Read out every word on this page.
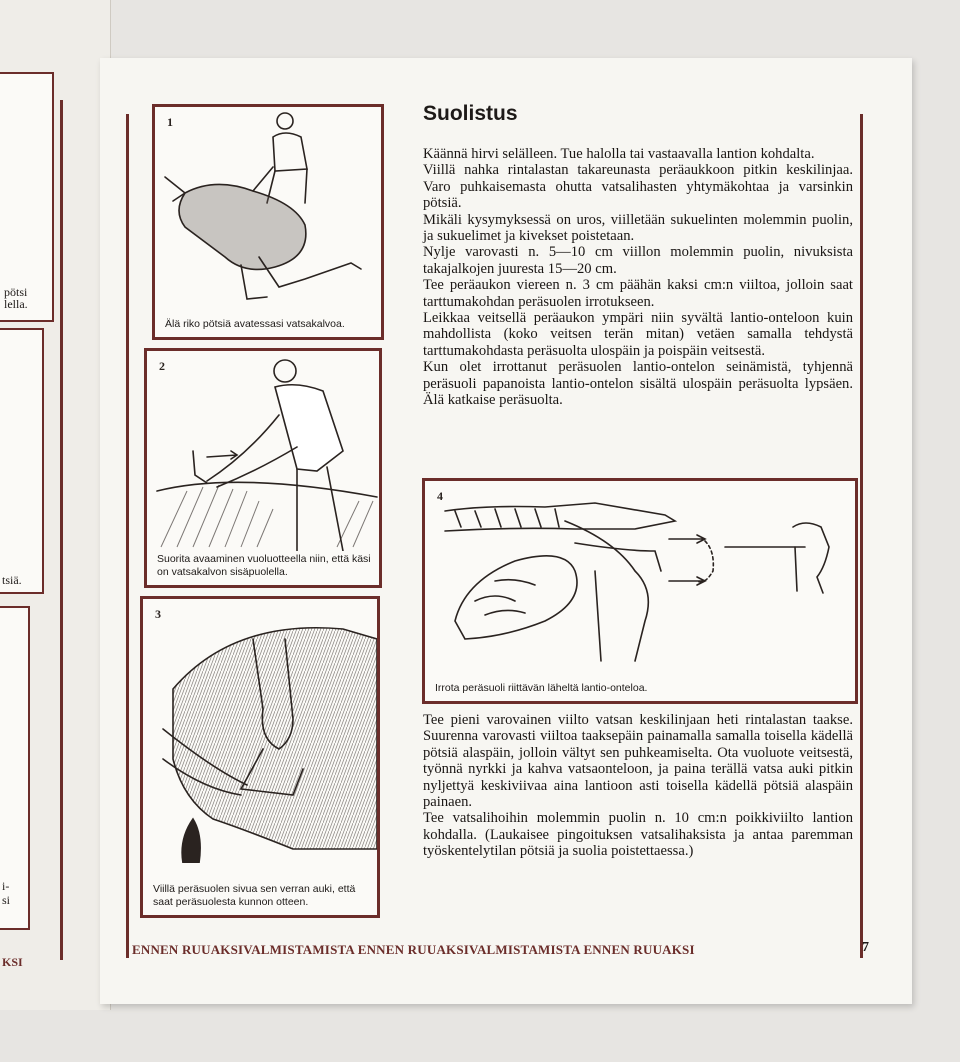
pötsi
lella.
tsiä.
i-
si
KSI
1
Älä riko pötsiä avatessasi vatsakalvoa.
2
Suorita avaaminen vuoluotteella niin, että käsi on vatsakalvon sisäpuolella.
3
Viillä peräsuolen sivua sen verran auki, että saat peräsuolesta kunnon otteen.
Suolistus

Käännä hirvi selälleen. Tue halolla tai vastaavalla lantion kohdalta.

Viillä nahka rintalastan takareunasta peräaukkoon pitkin keskilinjaa. Varo puhkaisemasta ohutta vatsalihasten yhtymäkohtaa ja varsinkin pötsiä.

Mikäli kysymyksessä on uros, viilletään sukuelinten molemmin puolin, ja sukuelimet ja kivekset poistetaan.

Nylje varovasti n. 5—10 cm viillon molemmin puolin, nivuksista takajalkojen juuresta 15—20 cm.

Tee peräaukon viereen n. 3 cm päähän kaksi cm:n viiltoa, jolloin saat tarttumakohdan peräsuolen irrotukseen.

Leikkaa veitsellä peräaukon ympäri niin syvältä lantio-onteloon kuin mahdollista (koko veitsen terän mitan) vetäen samalla tehdystä tarttumakohdasta peräsuolta ulospäin ja poispäin veitsestä.

Kun olet irrottanut peräsuolen lantio-ontelon seinämistä, tyhjennä peräsuoli papanoista lantio-ontelon sisältä ulospäin peräsuolta lypsäen. Älä katkaise peräsuolta.

4
Irrota peräsuoli riittävän läheltä lantio-onteloa.

Tee pieni varovainen viilto vatsan keskilinjaan heti rintalastan taakse. Suurenna varovasti viiltoa taaksepäin painamalla samalla toisella kädellä pötsiä alaspäin, jolloin vältyt sen puhkeamiselta. Ota vuoluote veitsestä, työnnä nyrkki ja kahva vatsaonteloon, ja paina terällä vatsa auki pitkin nyljettyä keskiviivaa aina lantioon asti toisella kädellä pötsiä alaspäin painaen.

Tee vatsalihoihin molemmin puolin n. 10 cm:n poikkiviilto lantion kohdalla. (Laukaisee pingoituksen vatsalihaksista ja antaa paremman työskentelytilan pötsiä ja suolia poistettaessa.)

ENNEN RUUAKSIVALMISTAMISTA ENNEN RUUAKSIVALMISTAMISTA ENNEN RUUAKSI	7
